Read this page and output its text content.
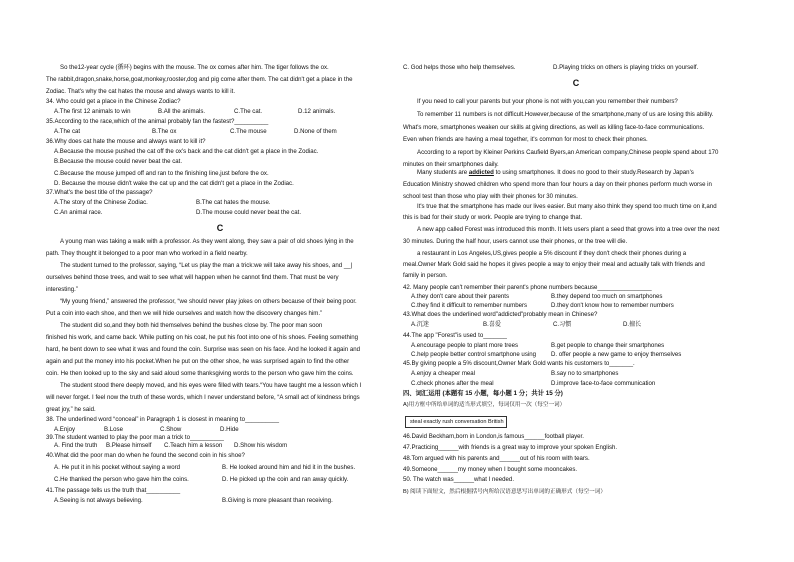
So the12-year cycle (循环) begins with the mouse. The ox comes after him. The tiger follows the ox.
The rabbit,dragon,snake,horse,goat,monkey,rooster,dog and pig come after them. The cat didn't get a place in the
Zodiac. That's why the cat hates the mouse and always wants to kill it.
34. Who could get a place in the Chinese Zodiac?
A.The first 12 animals to win	B.All the animals.	C.The cat.	D.12 animals.
35.According to the race,which of the animal probably fan the fastest?__________
A.The cat	B.The ox	C.The mouse	D.None of them
36.Why does cat hate the mouse and always want to kill it?
A.Because the mouse pushed the cat off the ox's back and the cat didn't get a place in the Zodiac.
B.Because the mouse could never beat the cat.
C.Because the mouse jumped off and ran to the finishing line,just before the ox.
D. Because the mouse didn't wake the cat up and the cat didn't get a place in the Zodiac.
37.What's the best title of the passage?
A.The story of the Chinese Zodiac.	B.The cat hates the mouse.
C.An animal race.	D.The mouse could never beat the cat.
C
A young man was taking a walk with a professor. As they went along, they saw a pair of old shoes lying in the
path. They thought it belonged to a poor man who worked in a field nearby.
The student turned to the professor, saying, “Let us play the man a trick:we will take away his shoes, and __|
ourselves behind those trees, and wait to see what will happen when he cannot find them. That must be very
interesting.”
“My young friend,” answered the professor, “we should never play jokes on others because of their being poor.
Put a coin into each shoe, and then we will hide ourselves and watch how the discovery changes him.”
The student did so,and they both hid themselves behind the bushes close by. The poor man soon
finished his work, and came back. While putting on his coat, he put his foot into one of his shoes. Feeling something
hard, he bent down to see what it was and found the coin. Surprise was seen on his face. And he looked it again and
again and put the money into his pocket.When he put on the other shoe, he was surprised again to find the other
coin. He then looked up to the sky and said aloud some thanksgiving words to the person who gave him the coins.
The student stood there deeply moved, and his eyes were filled with tears.“You have taught me a lesson which I
will never forget. I feel now the truth of these words, which I never understand before, “A small act of kindness brings
great joy,” he said.
38. The underlined word “conceal” in Paragraph 1 is closest in meaning to__________
A.Enjoy	B.Lose	C.Show	D.Hide
39.The student wanted to play the poor man a trick to__________
A. Find the truth	B.Please himself	C.Teach him a lesson	D.Show his wisdom
40.What did the poor man do when he found the second coin in his shoe?
A. He put it in his pocket without saying a word	B. He looked around him and hid it in the bushes.
C.He thanked the person who gave him the coins.	D. He picked up the coin and ran away quickly.
41.The passage tells us the truth that__________
A.Seeing is not always believing.	B.Giving is more pleasant than receiving.
C. God helps those who help themselves.	D.Playing tricks on others is playing tricks on yourself.
C
If you need to call your parents but your phone is not with you,can you remember their numbers?
To remember 11 numbers is not difficult.However,because of the smartphone,many of us are losing this ability.
What's more, smartphones weaken our skills at giving directions, as well as killing face-to-face communications.
Even when friends are having a meal together, it's common for most to check their phones.
According to a report by Kleiner Perkins Caufield Byers,an American company,Chinese people spend about 170
minutes on their smartphones daily.
Many students are addicted to using smartphones. It does no good to their study.Research by Japan's
Education Ministry showed children who spend more than four hours a day on their phones perform much worse in
school test than those who play with their phones for 30 minutes.
It's true that the smartphone has made our lives easier. But many also think they spend too much time on it,and
this is bad for their study or work. People are trying to change that.
A new app called Forest was introduced this month. It lets users plant a seed that grows into a tree over the next
30 minutes. During the half hour, users cannot use their phones, or the tree will die.
a restaurant in Los Angeles,US,gives people a 5% discount if they don't check their phones during a
meal.Owner Mark Gold said he hopes it gives people a way to enjoy their meal and actually talk with friends and
family in person.
42. Many people can't remember their parent's phone numbers because________________
A.they don't care about their parents	B.they depend too much on smartphones
C.they find it difficult to remember numbers	D.they don't know how to remember numbers
43.What does the underlined word"addicted"probably mean in Chinese?
A.沉迷	B.喜爱	C.习惯	D.擅长
44.The app "Forest"is used to_______
A.encourage people to plant more trees	B.get people to change their smartphones
C.help people better control smartphone using	D. offer people a new game to enjoy themselves
45.By giving people a 5% discount,Owner Mark Gold wants his customers to_______.
A.enjoy a cheaper meal	B.say no to smartphones
C.check phones after the meal	D.improve face-to-face communication
四、词汇运用 (本题有 15 小题，每小题 1 分；共计 15 分)
A)用方框中所给单词的适当形式填空，每词仅用一次（每空一词）
steal exactly rush conversation British
46.David Beckham,born in London,is famous______football player.
47.Practicing______with friends is a great way to improve your spoken English.
48.Tom argued with his parents and______out of his room with tears.
49.Someone______my money when I bought some mooncakes.
50. The watch was______what I needed.
B) 阅读下面短文，然后根据括号内所给汉语意思写出单词的正确形式（每空一词）
